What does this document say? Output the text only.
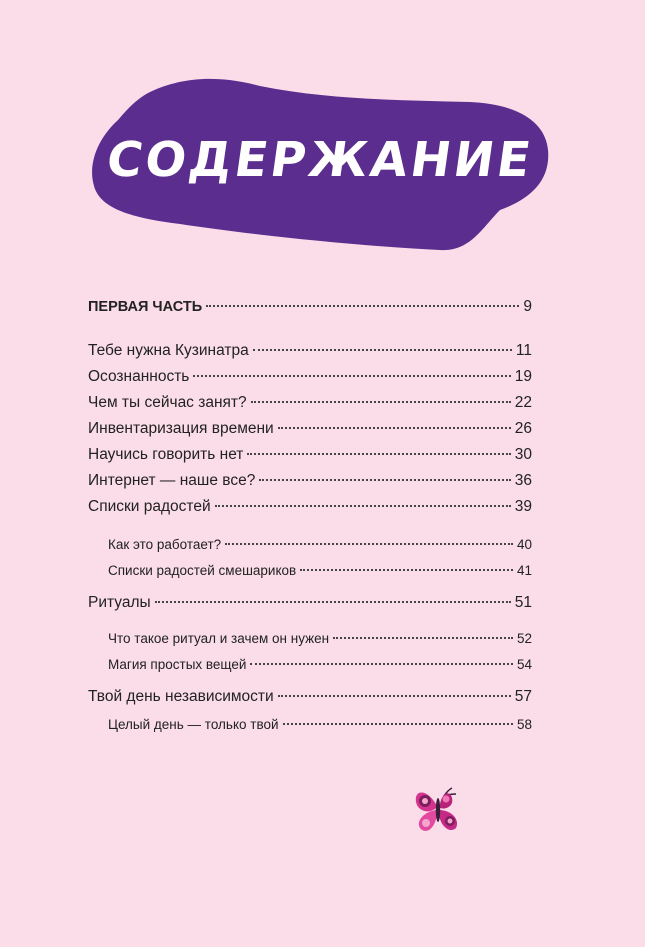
СОДЕРЖАНИЕ
ПЕРВАЯ ЧАСТЬ	9
Тебе нужна Кузинатра	11
Осознанность	19
Чем ты сейчас занят?	22
Инвентаризация времени	26
Научись говорить нет	30
Интернет — наше все?	36
Списки радостей	39
Как это работает?	40
Списки радостей смешариков	41
Ритуалы	51
Что такое ритуал и зачем он нужен	52
Магия простых вещей	54
Твой день независимости	57
Целый день — только твой	58
